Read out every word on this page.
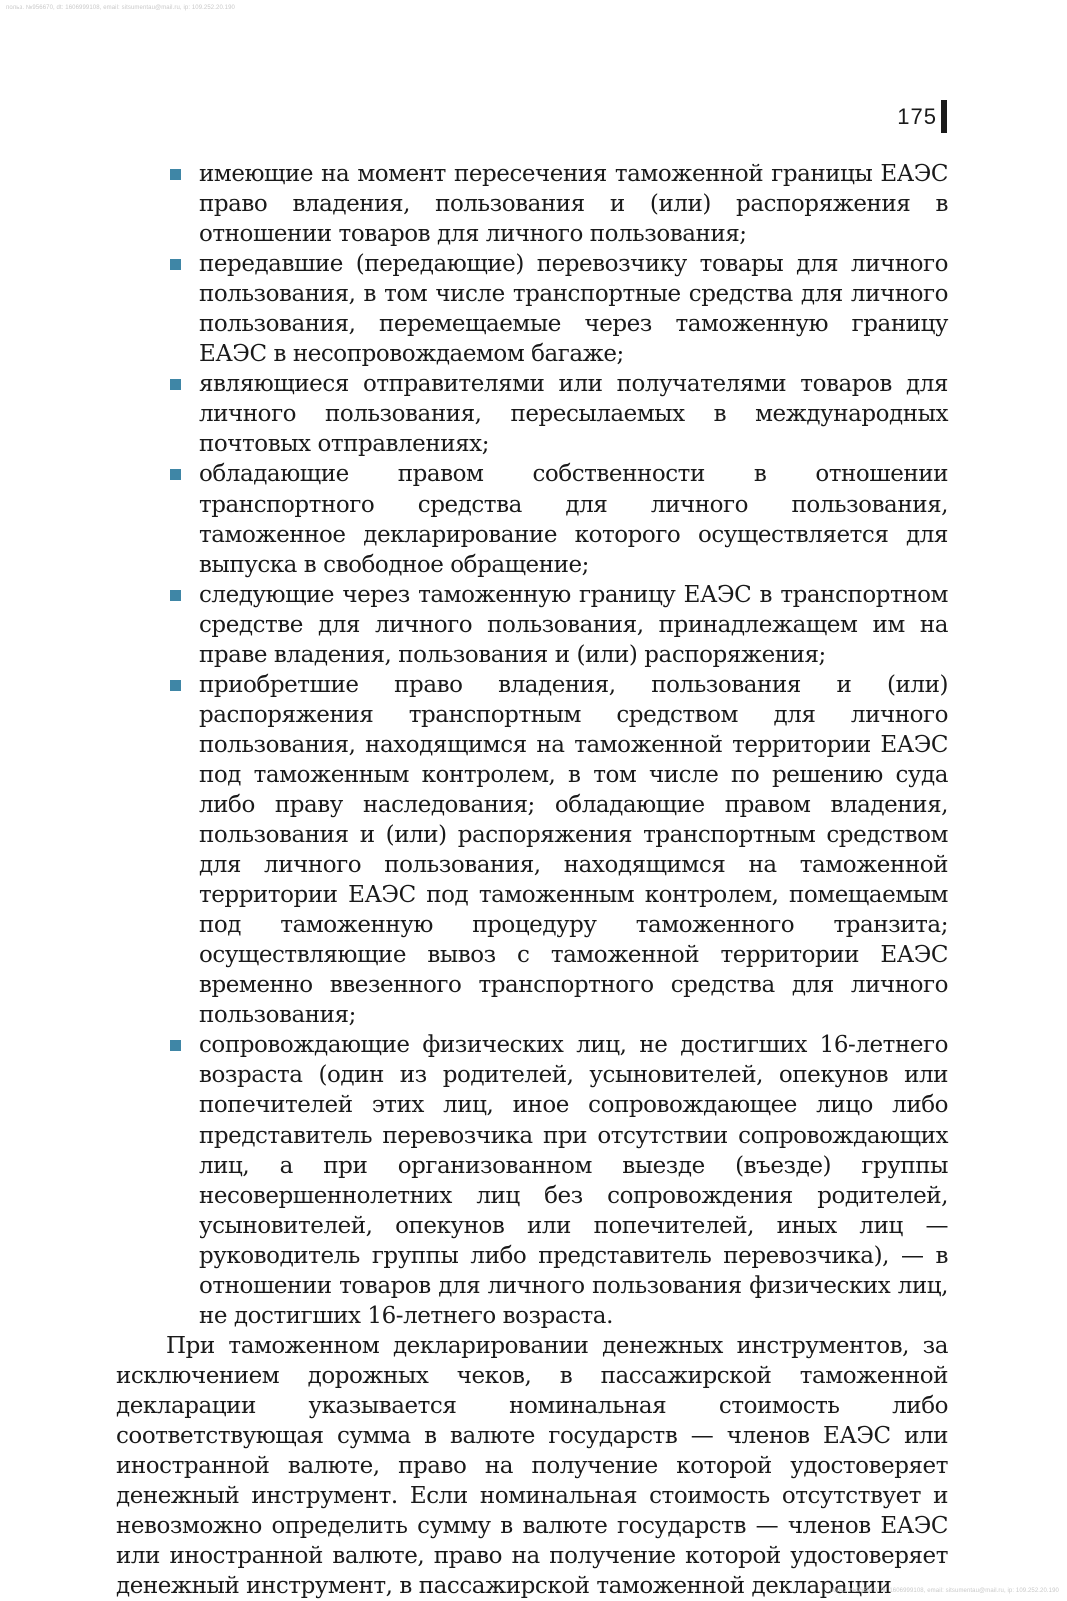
польз. №956670, dt: 1606999108, email: sitsumentau@mail.ru, ip: 109.252.20.190
175
имеющие на момент пересечения таможенной границы ЕАЭС право владения, пользования и (или) распоряжения в отношении товаров для личного пользования;
передавшие (передающие) перевозчику товары для личного пользования, в том числе транспортные средства для личного пользования, перемещаемые через таможенную границу ЕАЭС в несопровождаемом багаже;
являющиеся отправителями или получателями товаров для личного пользования, пересылаемых в международных почтовых отправлениях;
обладающие правом собственности в отношении транспортного средства для личного пользования, таможенное декларирование которого осуществляется для выпуска в свободное обращение;
следующие через таможенную границу ЕАЭС в транспортном средстве для личного пользования, принадлежащем им на праве владения, пользования и (или) распоряжения;
приобретшие право владения, пользования и (или) распоряжения транспортным средством для личного пользования, находящимся на таможенной территории ЕАЭС под таможенным контролем, в том числе по решению суда либо праву наследования; обладающие правом владения, пользования и (или) распоряжения транспортным средством для личного пользования, находящимся на таможенной территории ЕАЭС под таможенным контролем, помещаемым под таможенную процедуру таможенного транзита; осуществляющие вывоз с таможенной территории ЕАЭС временно ввезенного транспортного средства для личного пользования;
сопровождающие физических лиц, не достигших 16-летнего возраста (один из родителей, усыновителей, опекунов или попечителей этих лиц, иное сопровождающее лицо либо представитель перевозчика при отсутствии сопровождающих лиц, а при организованном выезде (въезде) группы несовершеннолетних лиц без сопровождения родителей, усыновителей, опекунов или попечителей, иных лиц — руководитель группы либо представитель перевозчика), — в отношении товаров для личного пользования физических лиц, не достигших 16-летнего возраста.

При таможенном декларировании денежных инструментов, за исключением дорожных чеков, в пассажирской таможенной декларации указывается номинальная стоимость либо соответствующая сумма в валюте государств — членов ЕАЭС или иностранной валюте, право на получение которой удостоверяет денежный инструмент. Если номинальная стоимость отсутствует и невозможно определить сумму в валюте государств — членов ЕАЭС или иностранной валюте, право на получение которой удостоверяет денежный инструмент, в пассажирской таможенной декларации

польз. №956670, dt: 1606999108, email: sitsumentau@mail.ru, ip: 109.252.20.190
